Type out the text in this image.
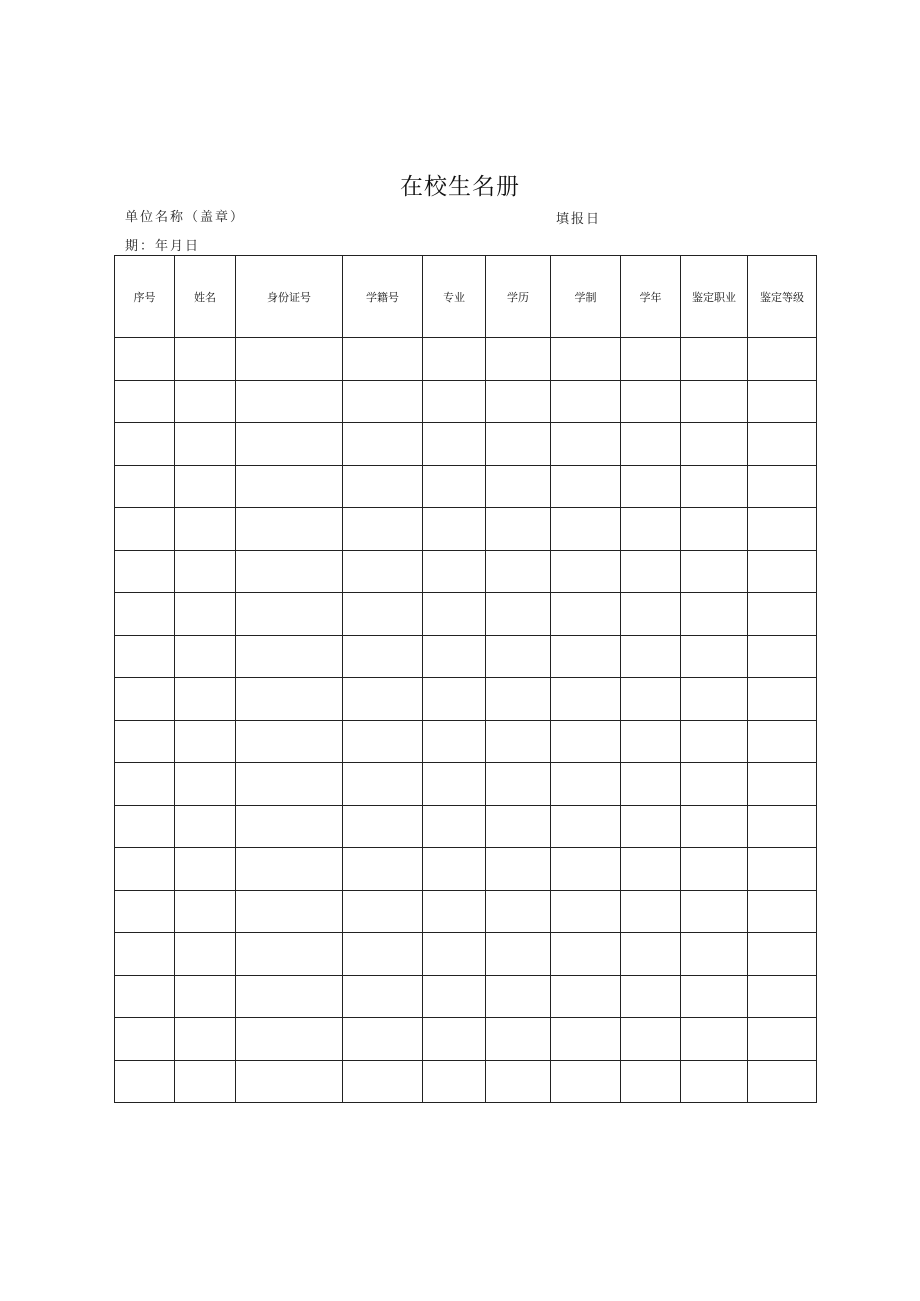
在校生名册
单位名称（盖章）	填报日
期：年月日
序号	姓名	身份证号	学籍号	专业	学历	学制	学年	鉴定职业	鉴定等级
